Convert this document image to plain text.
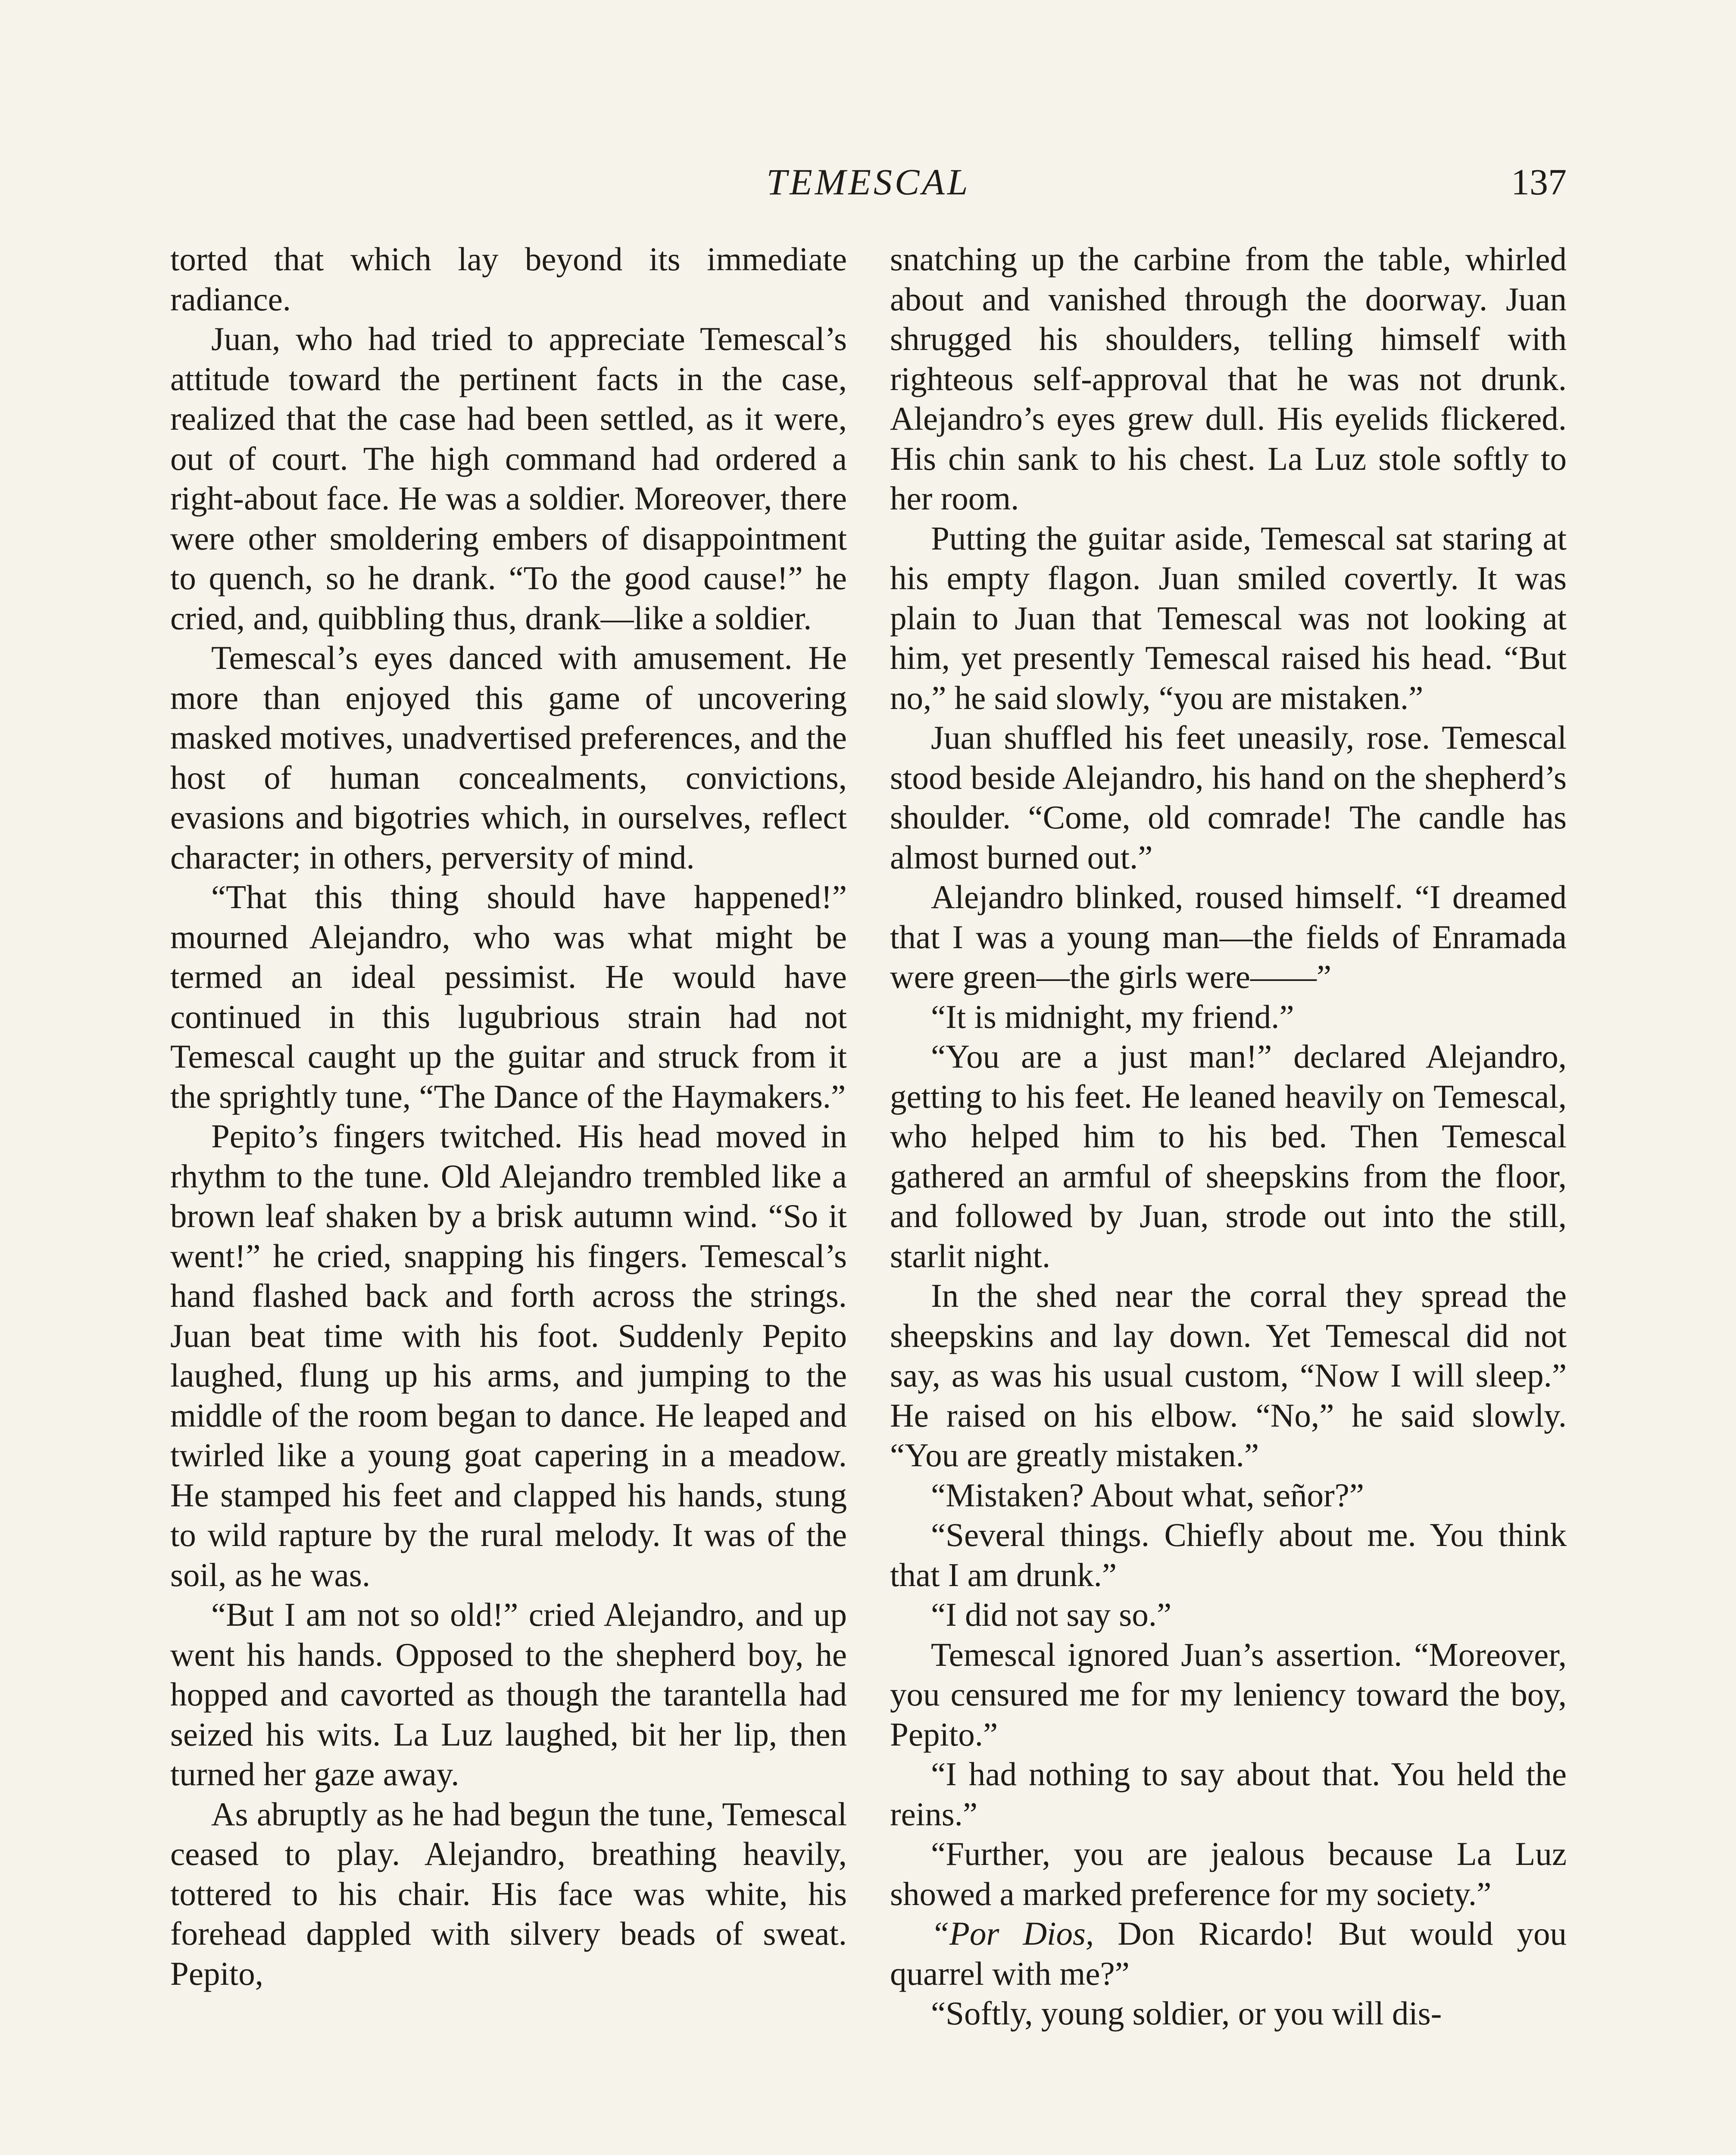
TEMESCAL	137

torted that which lay beyond its immediate radiance.

Juan, who had tried to appreciate Temescal’s attitude toward the pertinent facts in the case, realized that the case had been settled, as it were, out of court. The high command had ordered a right-about face. He was a soldier. Moreover, there were other smoldering embers of disappointment to quench, so he drank. “To the good cause!” he cried, and, quibbling thus, drank—like a soldier.

Temescal’s eyes danced with amusement. He more than enjoyed this game of uncovering masked motives, unadvertised preferences, and the host of human concealments, convictions, evasions and bigotries which, in ourselves, reflect character; in others, perversity of mind.

“That this thing should have happened!” mourned Alejandro, who was what might be termed an ideal pessimist. He would have continued in this lugubrious strain had not Temescal caught up the guitar and struck from it the sprightly tune, “The Dance of the Haymakers.”

Pepito’s fingers twitched. His head moved in rhythm to the tune. Old Alejandro trembled like a brown leaf shaken by a brisk autumn wind. “So it went!” he cried, snapping his fingers. Temescal’s hand flashed back and forth across the strings. Juan beat time with his foot. Suddenly Pepito laughed, flung up his arms, and jumping to the middle of the room began to dance. He leaped and twirled like a young goat capering in a meadow. He stamped his feet and clapped his hands, stung to wild rapture by the rural melody. It was of the soil, as he was.

“But I am not so old!” cried Alejandro, and up went his hands. Opposed to the shepherd boy, he hopped and cavorted as though the tarantella had seized his wits. La Luz laughed, bit her lip, then turned her gaze away.

As abruptly as he had begun the tune, Temescal ceased to play. Alejandro, breathing heavily, tottered to his chair. His face was white, his forehead dappled with silvery beads of sweat. Pepito,

snatching up the carbine from the table, whirled about and vanished through the doorway. Juan shrugged his shoulders, telling himself with righteous self-approval that he was not drunk. Alejandro’s eyes grew dull. His eyelids flickered. His chin sank to his chest. La Luz stole softly to her room.

Putting the guitar aside, Temescal sat staring at his empty flagon. Juan smiled covertly. It was plain to Juan that Temescal was not looking at him, yet presently Temescal raised his head. “But no,” he said slowly, “you are mistaken.”

Juan shuffled his feet uneasily, rose. Temescal stood beside Alejandro, his hand on the shepherd’s shoulder. “Come, old comrade! The candle has almost burned out.”

Alejandro blinked, roused himself. “I dreamed that I was a young man—the fields of Enramada were green—the girls were——”

“It is midnight, my friend.”

“You are a just man!” declared Alejandro, getting to his feet. He leaned heavily on Temescal, who helped him to his bed. Then Temescal gathered an armful of sheepskins from the floor, and followed by Juan, strode out into the still, starlit night.

In the shed near the corral they spread the sheepskins and lay down. Yet Temescal did not say, as was his usual custom, “Now I will sleep.” He raised on his elbow. “No,” he said slowly. “You are greatly mistaken.”

“Mistaken? About what, señor?”

“Several things. Chiefly about me. You think that I am drunk.”

“I did not say so.”

Temescal ignored Juan’s assertion. “Moreover, you censured me for my leniency toward the boy, Pepito.”

“I had nothing to say about that. You held the reins.”

“Further, you are jealous because La Luz showed a marked preference for my society.”

“Por Dios, Don Ricardo! But would you quarrel with me?”

“Softly, young soldier, or you will dis-
